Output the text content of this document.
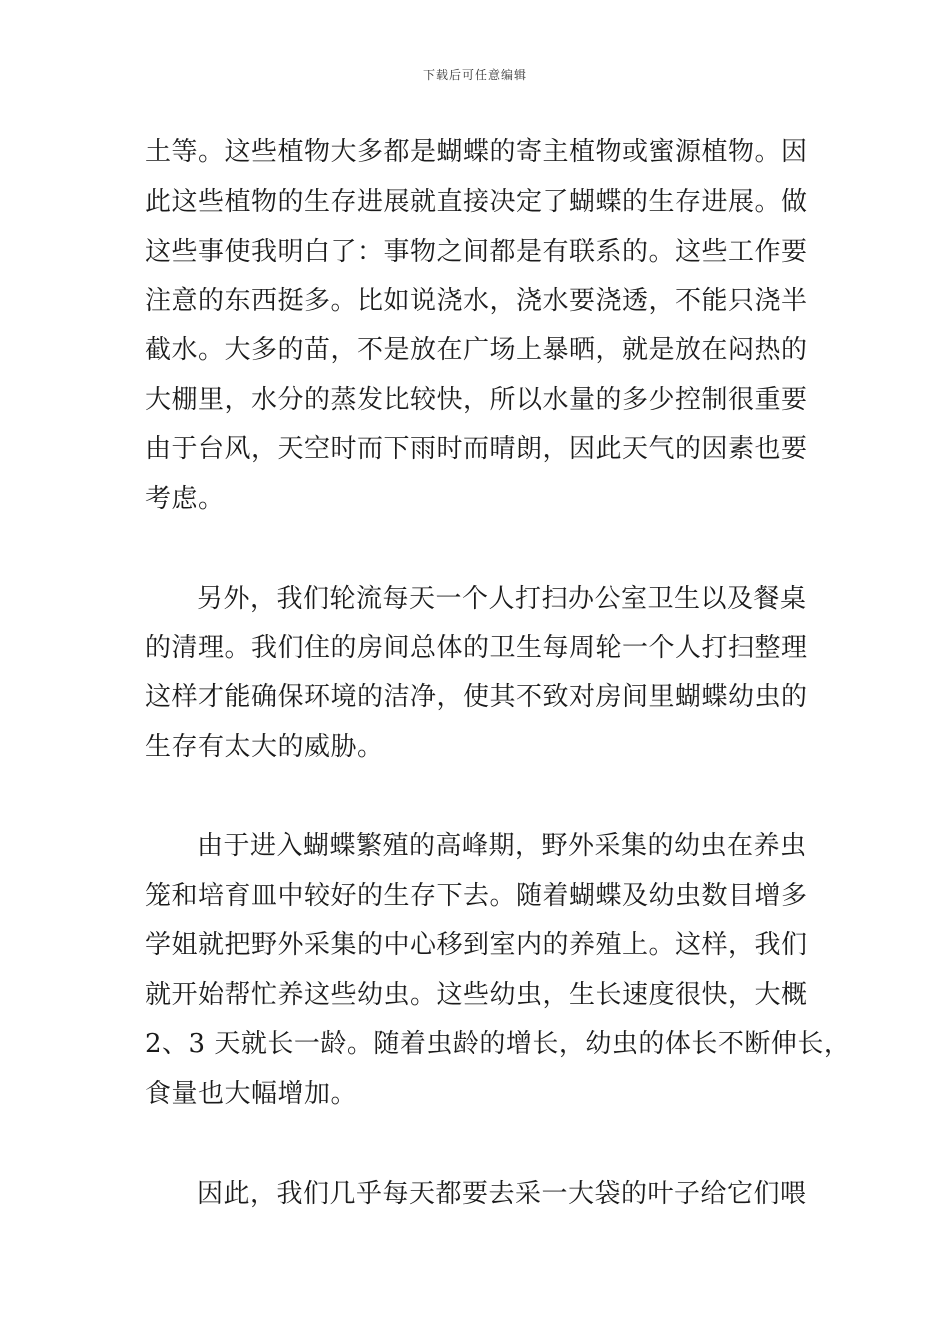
下载后可任意编辑
土等。这些植物大多都是蝴蝶的寄主植物或蜜源植物。因
此这些植物的生存进展就直接决定了蝴蝶的生存进展。做
这些事使我明白了：事物之间都是有联系的。这些工作要
注意的东西挺多。比如说浇水，浇水要浇透，不能只浇半
截水。大多的苗，不是放在广场上暴晒，就是放在闷热的
大棚里，水分的蒸发比较快，所以水量的多少控制很重要
由于台风，天空时而下雨时而晴朗，因此天气的因素也要
考虑。
另外，我们轮流每天一个人打扫办公室卫生以及餐桌
的清理。我们住的房间总体的卫生每周轮一个人打扫整理
这样才能确保环境的洁净，使其不致对房间里蝴蝶幼虫的
生存有太大的威胁。
由于进入蝴蝶繁殖的高峰期，野外采集的幼虫在养虫
笼和培育皿中较好的生存下去。随着蝴蝶及幼虫数目增多
学姐就把野外采集的中心移到室内的养殖上。这样，我们
就开始帮忙养这些幼虫。这些幼虫，生长速度很快，大概
2、3 天就长一龄。随着虫龄的增长，幼虫的体长不断伸长，
食量也大幅增加。
因此，我们几乎每天都要去采一大袋的叶子给它们喂
